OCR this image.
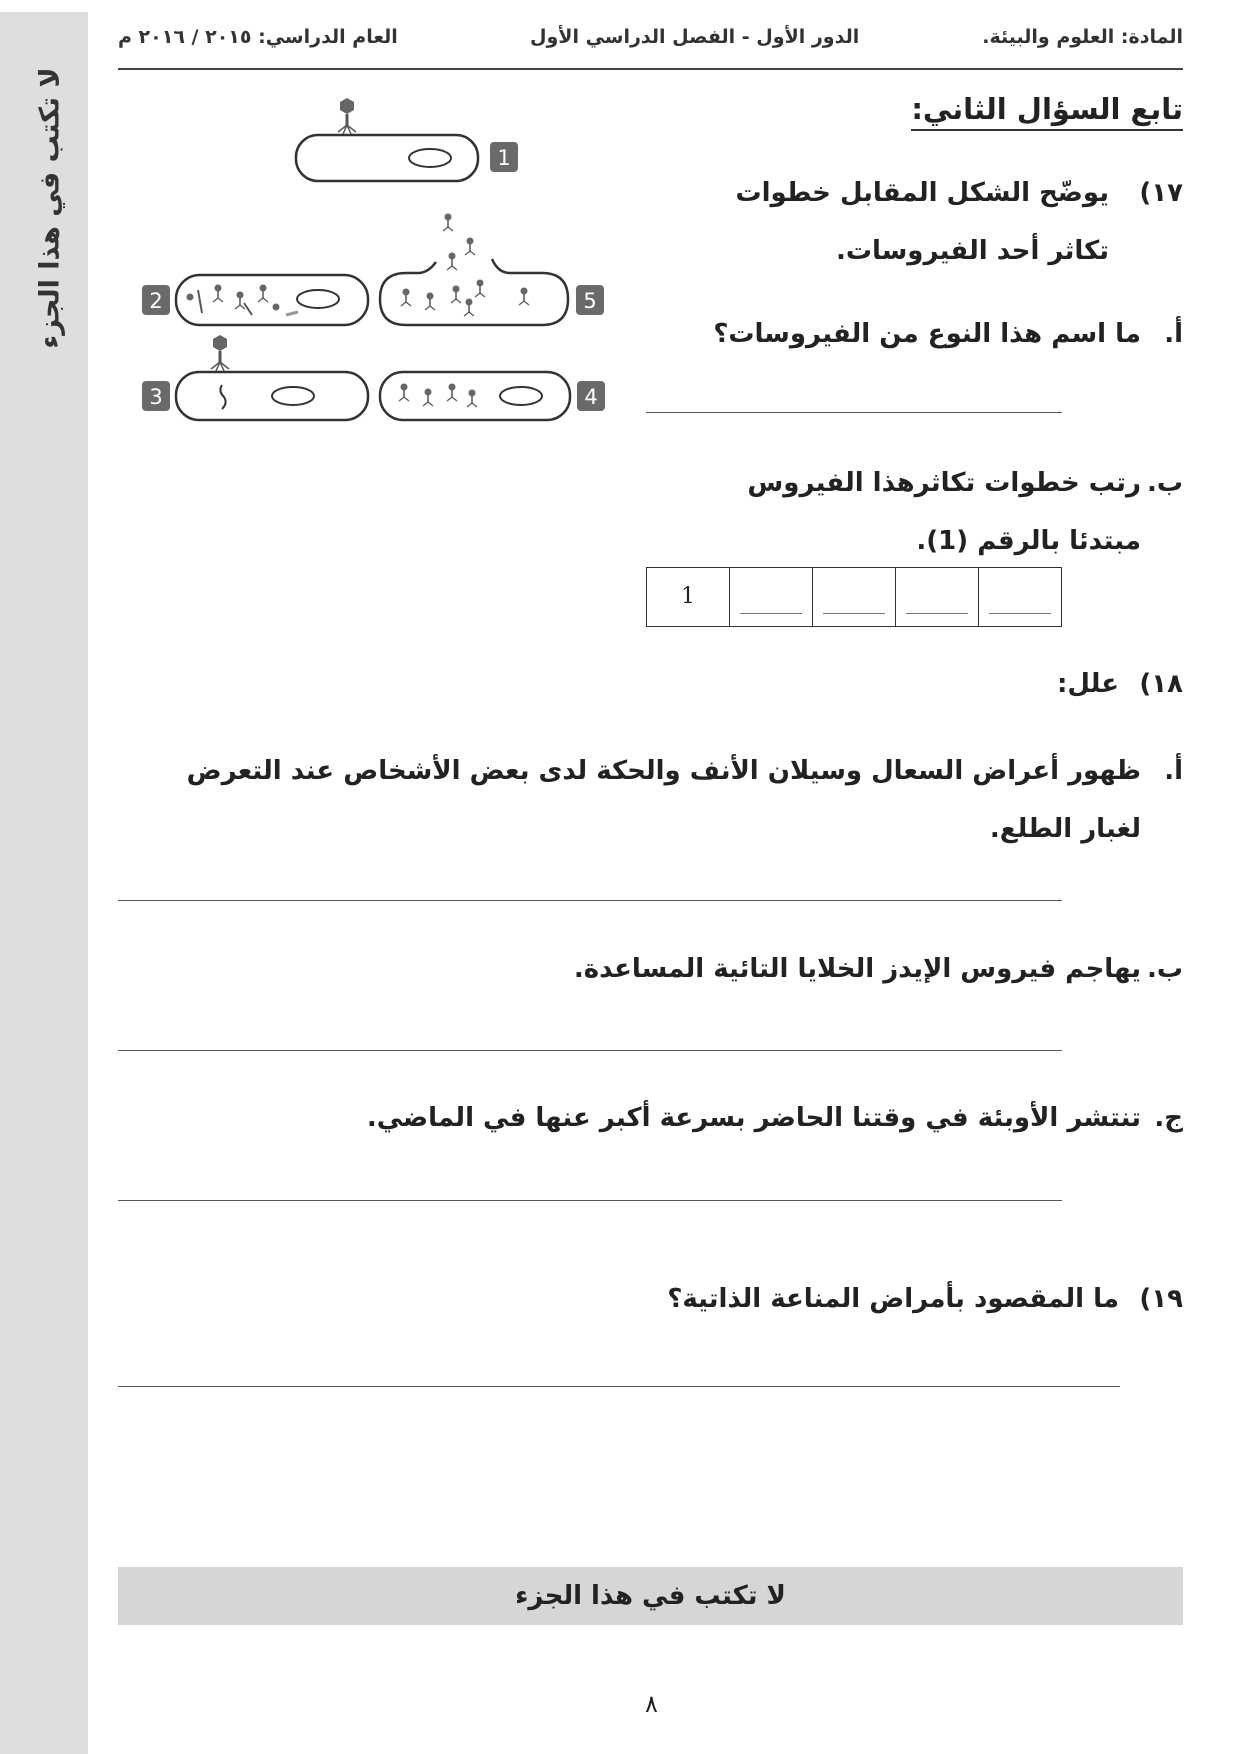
لا تكتب في هذا الجزء
المادة: العلوم والبيئة.
الدور الأول - الفصل الدراسي الأول
العام الدراسي: ٢٠١٥ / ٢٠١٦ م
تابع السؤال الثاني:
1
2	5
3	4
١٧)
يوضّح الشكل المقابل خطوات تكاثر أحد الفيروسات.
أ.
ما اسم هذا النوع من الفيروسات؟
ب.
رتب خطوات تكاثرهذا الفيروس مبتدئا بالرقم (1).
1
١٨)
علل:
أ.
ظهور أعراض السعال وسيلان الأنف والحكة لدى بعض الأشخاص عند التعرض لغبار الطلع.
ب.
يهاجم فيروس الإيدز الخلايا التائية المساعدة.
ج.
تنتشر الأوبئة في وقتنا الحاضر بسرعة أكبر عنها في الماضي.
١٩)
ما المقصود بأمراض المناعة الذاتية؟
لا تكتب في هذا الجزء
٨
